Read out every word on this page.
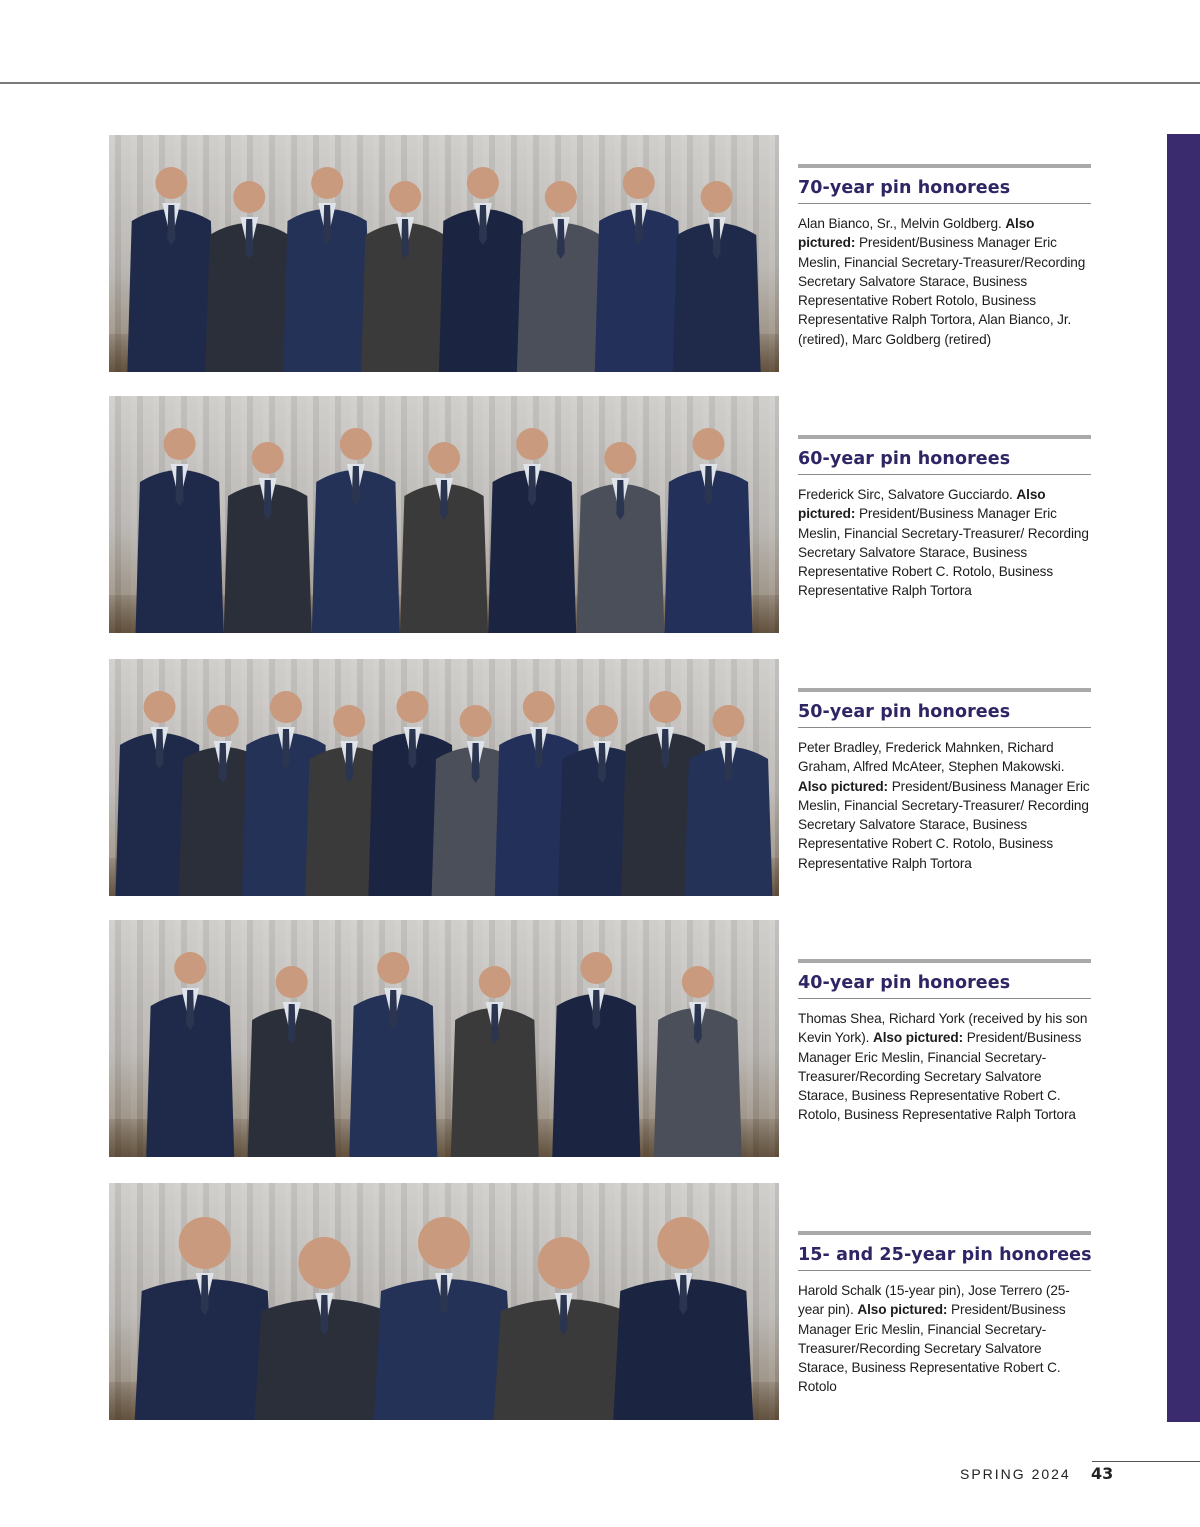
70-year pin honorees
Alan Bianco, Sr., Melvin Goldberg. Also pictured: President/Business Manager Eric Meslin, Financial Secretary-Treasurer/Recording Secretary Salvatore Starace, Business Representative Robert Rotolo, Business Representative Ralph Tortora, Alan Bianco, Jr. (retired), Marc Goldberg (retired)
60-year pin honorees
Frederick Sirc, Salvatore Gucciardo. Also pictured: President/Business Manager Eric Meslin, Financial Secretary-Treasurer/ Recording Secretary Salvatore Starace, Business Representative Robert C. Rotolo, Business Representative Ralph Tortora
50-year pin honorees
Peter Bradley, Frederick Mahnken, Richard Graham, Alfred McAteer, Stephen Makowski. Also pictured: President/Business Manager Eric Meslin, Financial Secretary-Treasurer/ Recording Secretary Salvatore Starace, Business Representative Robert C. Rotolo, Business Representative Ralph Tortora
40-year pin honorees
Thomas Shea, Richard York (received by his son Kevin York). Also pictured: President/Business Manager Eric Meslin, Financial Secretary-Treasurer/Recording Secretary Salvatore Starace, Business Representative Robert C. Rotolo, Business Representative Ralph Tortora
15- and 25-year pin honorees
Harold Schalk (15-year pin), Jose Terrero (25-year pin). Also pictured: President/Business Manager Eric Meslin, Financial Secretary-Treasurer/Recording Secretary Salvatore Starace, Business Representative Robert C. Rotolo
SPRING 2024 43
